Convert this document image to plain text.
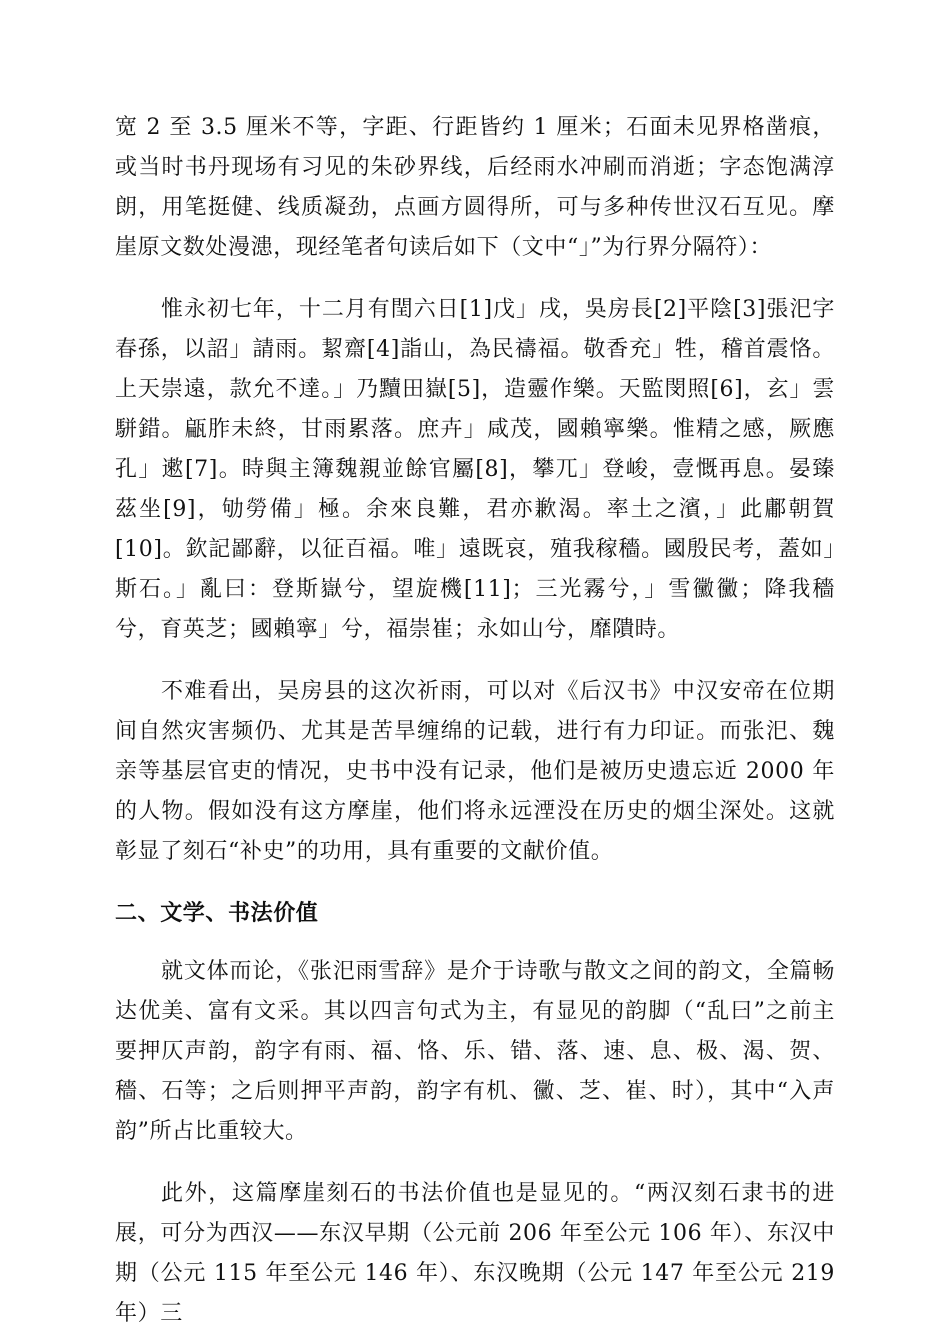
宽 2 至 3.5 厘米不等，字距、行距皆约 1 厘米；石面未见界格凿痕，或当时书丹现场有习见的朱砂界线，后经雨水冲刷而消逝；字态饱满淳朗，用笔挺健、线质凝劲，点画方圆得所，可与多种传世汉石互见。摩崖原文数处漫漶，现经笔者句读后如下（文中“」”为行界分隔符）：

惟永初七年，十二月有閏六日[1]戊」戌，吳房長[2]平陰[3]張汜字春孫，以詔」請雨。絜齋[4]詣山，為民禱福。敬香充」牲，稽首震恪。上天崇遠，款允不達。」乃黷田嶽[5]，造靈作樂。天監閔照[6]，玄」雲駢錯。甂胙未終，甘雨累落。庶卉」咸茂，國賴寧樂。惟精之感，厥應孔」遬[7]。時與主簿魏親並餘官屬[8]，攀兀」登峻，壹慨再息。晏臻茲坐[9]，劬勞備」極。余來良難，君亦歉渴。率土之濱，」此鄘朝賀[10]。欽記鄙辭，以征百福。唯」遠既哀，殖我稼穡。國殷民考，蓋如」斯石。」亂曰：登斯嶽兮，望旋機[11]；三光霧兮，」雪黴黴；降我穡兮，育英芝；國賴寧」兮，福崇崔；永如山兮，靡隤時。

不难看出，吴房县的这次祈雨，可以对《后汉书》中汉安帝在位期间自然灾害频仍、尤其是苦旱缠绵的记载，进行有力印证。而张汜、魏亲等基层官吏的情况，史书中没有记录，他们是被历史遗忘近 2000 年的人物。假如没有这方摩崖，他们将永远湮没在历史的烟尘深处。这就彰显了刻石“补史”的功用，具有重要的文献价值。

二、文学、书法价值

就文体而论，《张汜雨雪辞》是介于诗歌与散文之间的韵文，全篇畅达优美、富有文采。其以四言句式为主，有显见的韵脚（“乱曰”之前主要押仄声韵，韵字有雨、福、恪、乐、错、落、速、息、极、渴、贺、穡、石等；之后则押平声韵，韵字有机、黴、芝、崔、时），其中“入声韵”所占比重较大。

此外，这篇摩崖刻石的书法价值也是显见的。“两汉刻石隶书的进展，可分为西汉——东汉早期（公元前 206 年至公元 106 年）、东汉中期（公元 115 年至公元 146 年）、东汉晚期（公元 147 年至公元 219 年）三
